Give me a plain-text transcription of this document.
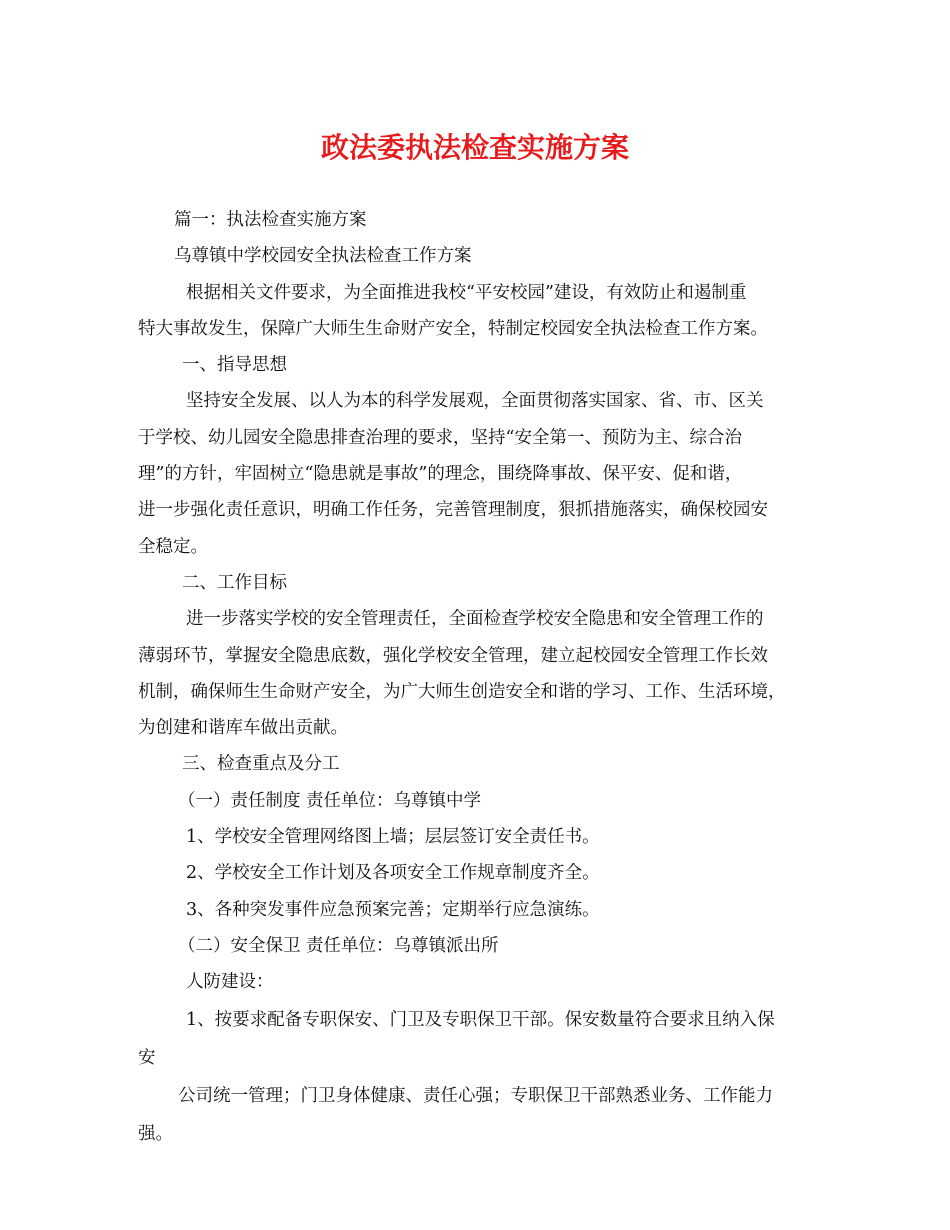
政法委执法检查实施方案

篇一：执法检查实施方案

乌尊镇中学校园安全执法检查工作方案

根据相关文件要求，为全面推进我校“平安校园”建设，有效防止和遏制重
特大事故发生，保障广大师生生命财产安全，特制定校园安全执法检查工作方案。

一、指导思想

坚持安全发展、以人为本的科学发展观，全面贯彻落实国家、省、市、区关
于学校、幼儿园安全隐患排查治理的要求，坚持“安全第一、预防为主、综合治
理”的方针，牢固树立“隐患就是事故”的理念，围绕降事故、保平安、促和谐，
进一步强化责任意识，明确工作任务，完善管理制度，狠抓措施落实，确保校园安
全稳定。

二、工作目标

进一步落实学校的安全管理责任，全面检查学校安全隐患和安全管理工作的
薄弱环节，掌握安全隐患底数，强化学校安全管理，建立起校园安全管理工作长效
机制，确保师生生命财产安全，为广大师生创造安全和谐的学习、工作、生活环境，
为创建和谐库车做出贡献。

三、检查重点及分工

（一）责任制度 责任单位：乌尊镇中学

1、学校安全管理网络图上墙；层层签订安全责任书。

2、学校安全工作计划及各项安全工作规章制度齐全。

3、各种突发事件应急预案完善；定期举行应急演练。

（二）安全保卫 责任单位：乌尊镇派出所

人防建设：

1、按要求配备专职保安、门卫及专职保卫干部。保安数量符合要求且纳入保
安
公司统一管理；门卫身体健康、责任心强；专职保卫干部熟悉业务、工作能力
强。
